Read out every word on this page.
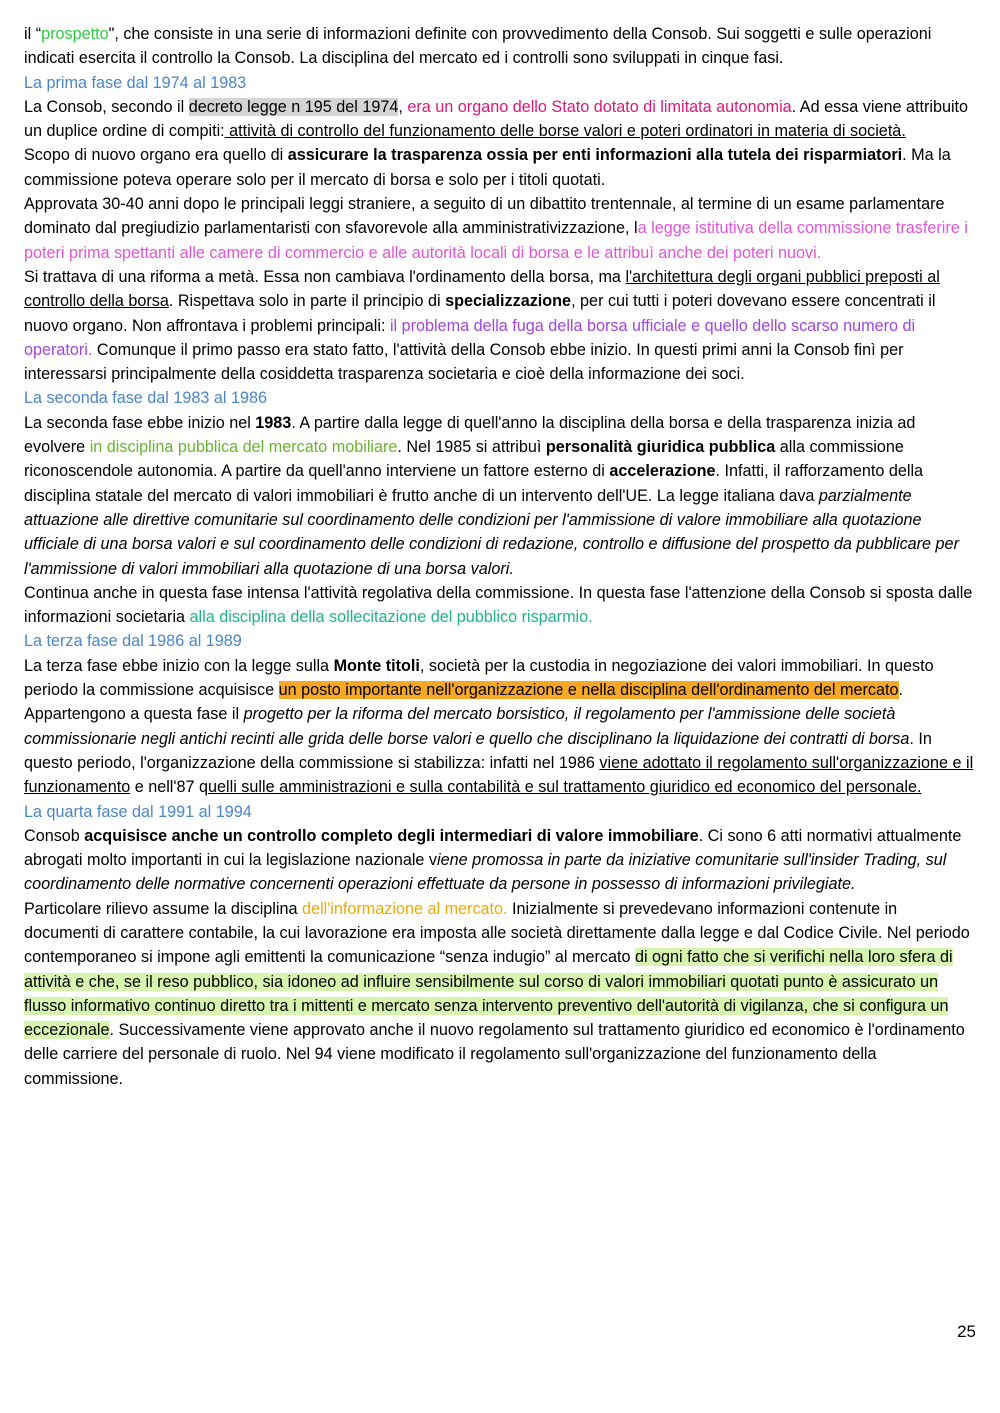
il “prospetto", che consiste in una serie di informazioni definite con provvedimento della Consob. Sui soggetti e sulle operazioni indicati esercita il controllo la Consob. La disciplina del mercato ed i controlli sono sviluppati in cinque fasi.

La prima fase dal 1974 al 1983

La Consob, secondo il decreto legge n 195 del 1974, era un organo dello Stato dotato di limitata autonomia. Ad essa viene attribuito un duplice ordine di compiti: attività di controllo del funzionamento delle borse valori e poteri ordinatori in materia di società.

Scopo di nuovo organo era quello di assicurare la trasparenza ossia per enti informazioni alla tutela dei risparmiatori. Ma la commissione poteva operare solo per il mercato di borsa e solo per i titoli quotati.

Approvata 30-40 anni dopo le principali leggi straniere, a seguito di un dibattito trentennale, al termine di un esame parlamentare dominato dal pregiudizio parlamentaristi con sfavorevole alla amministrativizzazione, la legge istitutiva della commissione trasferire i poteri prima spettanti alle camere di commercio e alle autorità locali di borsa e le attribuì anche dei poteri nuovi.

Si trattava di una riforma a metà. Essa non cambiava l'ordinamento della borsa, ma l'architettura degli organi pubblici preposti al controllo della borsa. Rispettava solo in parte il principio di specializzazione, per cui tutti i poteri dovevano essere concentrati il nuovo organo. Non affrontava i problemi principali: il problema della fuga della borsa ufficiale e quello dello scarso numero di operatori. Comunque il primo passo era stato fatto, l'attività della Consob ebbe inizio. In questi primi anni la Consob finì per interessarsi principalmente della cosiddetta trasparenza societaria e cioè della informazione dei soci.

La seconda fase dal 1983 al 1986

La seconda fase ebbe inizio nel 1983. A partire dalla legge di quell'anno la disciplina della borsa e della trasparenza inizia ad evolvere in disciplina pubblica del mercato mobiliare. Nel 1985 si attribuì personalità giuridica pubblica alla commissione riconoscendole autonomia. A partire da quell'anno interviene un fattore esterno di accelerazione. Infatti, il rafforzamento della disciplina statale del mercato di valori immobiliari è frutto anche di un intervento dell'UE. La legge italiana dava parzialmente attuazione alle direttive comunitarie sul coordinamento delle condizioni per l'ammissione di valore immobiliare alla quotazione ufficiale di una borsa valori e sul coordinamento delle condizioni di redazione, controllo e diffusione del prospetto da pubblicare per l'ammissione di valori immobiliari alla quotazione di una borsa valori.

Continua anche in questa fase intensa l'attività regolativa della commissione. In questa fase l'attenzione della Consob si sposta dalle informazioni societaria alla disciplina della sollecitazione del pubblico risparmio.

La terza fase dal 1986 al 1989

La terza fase ebbe inizio con la legge sulla Monte titoli, società per la custodia in negoziazione dei valori immobiliari. In questo periodo la commissione acquisisce un posto importante nell'organizzazione e nella disciplina dell'ordinamento del mercato. Appartengono a questa fase il progetto per la riforma del mercato borsistico, il regolamento per l'ammissione delle società commissionarie negli antichi recinti alle grida delle borse valori e quello che disciplinano la liquidazione dei contratti di borsa. In questo periodo, l'organizzazione della commissione si stabilizza: infatti nel 1986 viene adottato il regolamento sull'organizzazione e il funzionamento e nell'87 quelli sulle amministrazioni e sulla contabilità e sul trattamento giuridico ed economico del personale.

La quarta fase dal 1991 al 1994

Consob acquisisce anche un controllo completo degli intermediari di valore immobiliare. Ci sono 6 atti normativi attualmente abrogati molto importanti in cui la legislazione nazionale viene promossa in parte da iniziative comunitarie sull'insider Trading, sul coordinamento delle normative concernenti operazioni effettuate da persone in possesso di informazioni privilegiate.

Particolare rilievo assume la disciplina dell'informazione al mercato. Inizialmente si prevedevano informazioni contenute in documenti di carattere contabile, la cui lavorazione era imposta alle società direttamente dalla legge e dal Codice Civile. Nel periodo contemporaneo si impone agli emittenti la comunicazione “senza indugio” al mercato di ogni fatto che si verifichi nella loro sfera di attività e che, se il reso pubblico, sia idoneo ad influire sensibilmente sul corso di valori immobiliari quotati punto è assicurato un flusso informativo continuo diretto tra i mittenti e mercato senza intervento preventivo dell'autorità di vigilanza, che si configura un eccezionale. Successivamente viene approvato anche il nuovo regolamento sul trattamento giuridico ed economico è l'ordinamento delle carriere del personale di ruolo. Nel 94 viene modificato il regolamento sull'organizzazione del funzionamento della commissione.

25
